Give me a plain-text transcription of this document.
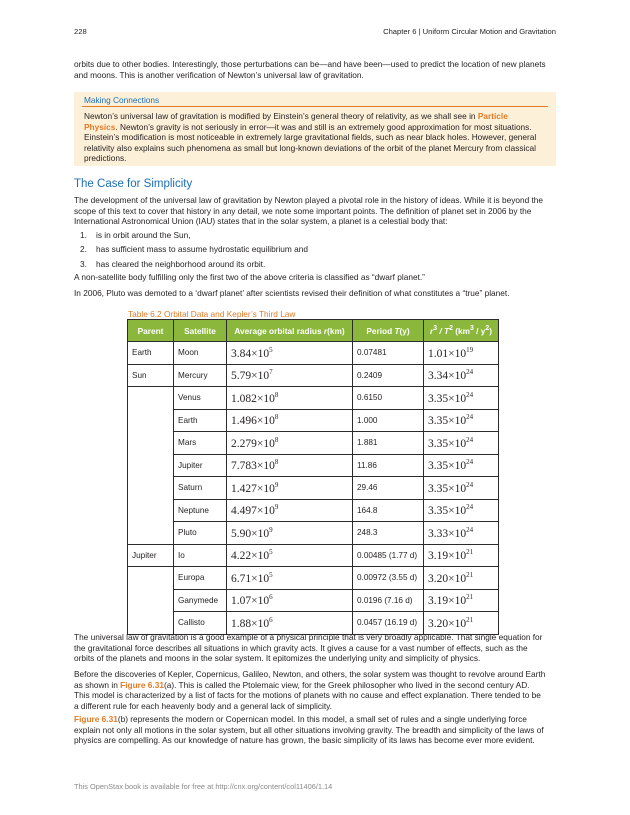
228	Chapter 6 | Uniform Circular Motion and Gravitation
orbits due to other bodies. Interestingly, those perturbations can be—and have been—used to predict the location of new planets
and moons. This is another verification of Newton’s universal law of gravitation.
Making Connections
Newton’s universal law of gravitation is modified by Einstein’s general theory of relativity, as we shall see in Particle
Physics. Newton’s gravity is not seriously in error—it was and still is an extremely good approximation for most situations.
Einstein’s modification is most noticeable in extremely large gravitational fields, such as near black holes. However, general
relativity also explains such phenomena as small but long-known deviations of the orbit of the planet Mercury from classical
predictions.
The Case for Simplicity
The development of the universal law of gravitation by Newton played a pivotal role in the history of ideas. While it is beyond the
scope of this text to cover that history in any detail, we note some important points. The definition of planet set in 2006 by the
International Astronomical Union (IAU) states that in the solar system, a planet is a celestial body that:
1. is in orbit around the Sun,
2. has sufficient mass to assume hydrostatic equilibrium and
3. has cleared the neighborhood around its orbit.
A non-satellite body fulfilling only the first two of the above criteria is classified as “dwarf planet.”
In 2006, Pluto was demoted to a ‘dwarf planet’ after scientists revised their definition of what constitutes a “true” planet.
Table 6.2 Orbital Data and Kepler’s Third Law
Parent	Satellite	Average orbital radius r(km)	Period T(y)	$r^3 / T^2$ $(km^3 / y^2)$
Earth	Moon	$3.84\times 10^5$	0.07481	$1.01\times 10^{19}$
Sun	Mercury	$5.79\times 10^7$	0.2409	$3.34\times 10^{24}$
	Venus	$1.082\times 10^8$	0.6150	$3.35\times 10^{24}$
	Earth	$1.496\times 10^8$	1.000	$3.35\times 10^{24}$
	Mars	$2.279\times 10^8$	1.881	$3.35\times 10^{24}$
	Jupiter	$7.783\times 10^8$	11.86	$3.35\times 10^{24}$
	Saturn	$1.427\times 10^9$	29.46	$3.35\times 10^{24}$
	Neptune	$4.497\times 10^9$	164.8	$3.35\times 10^{24}$
	Pluto	$5.90\times 10^9$	248.3	$3.33\times 10^{24}$
Jupiter	Io	$4.22\times 10^5$	0.00485 (1.77 d)	$3.19\times 10^{21}$
	Europa	$6.71\times 10^5$	0.00972 (3.55 d)	$3.20\times 10^{21}$
	Ganymede	$1.07\times 10^6$	0.0196 (7.16 d)	$3.19\times 10^{21}$
	Callisto	$1.88\times 10^6$	0.0457 (16.19 d)	$3.20\times 10^{21}$
The universal law of gravitation is a good example of a physical principle that is very broadly applicable. That single equation for
the gravitational force describes all situations in which gravity acts. It gives a cause for a vast number of effects, such as the
orbits of the planets and moons in the solar system. It epitomizes the underlying unity and simplicity of physics.
Before the discoveries of Kepler, Copernicus, Galileo, Newton, and others, the solar system was thought to revolve around Earth
as shown in Figure 6.31(a). This is called the Ptolemaic view, for the Greek philosopher who lived in the second century AD.
This model is characterized by a list of facts for the motions of planets with no cause and effect explanation. There tended to be
a different rule for each heavenly body and a general lack of simplicity.
Figure 6.31(b) represents the modern or Copernican model. In this model, a small set of rules and a single underlying force
explain not only all motions in the solar system, but all other situations involving gravity. The breadth and simplicity of the laws of
physics are compelling. As our knowledge of nature has grown, the basic simplicity of its laws has become ever more evident.
This OpenStax book is available for free at http://cnx.org/content/col11406/1.14
